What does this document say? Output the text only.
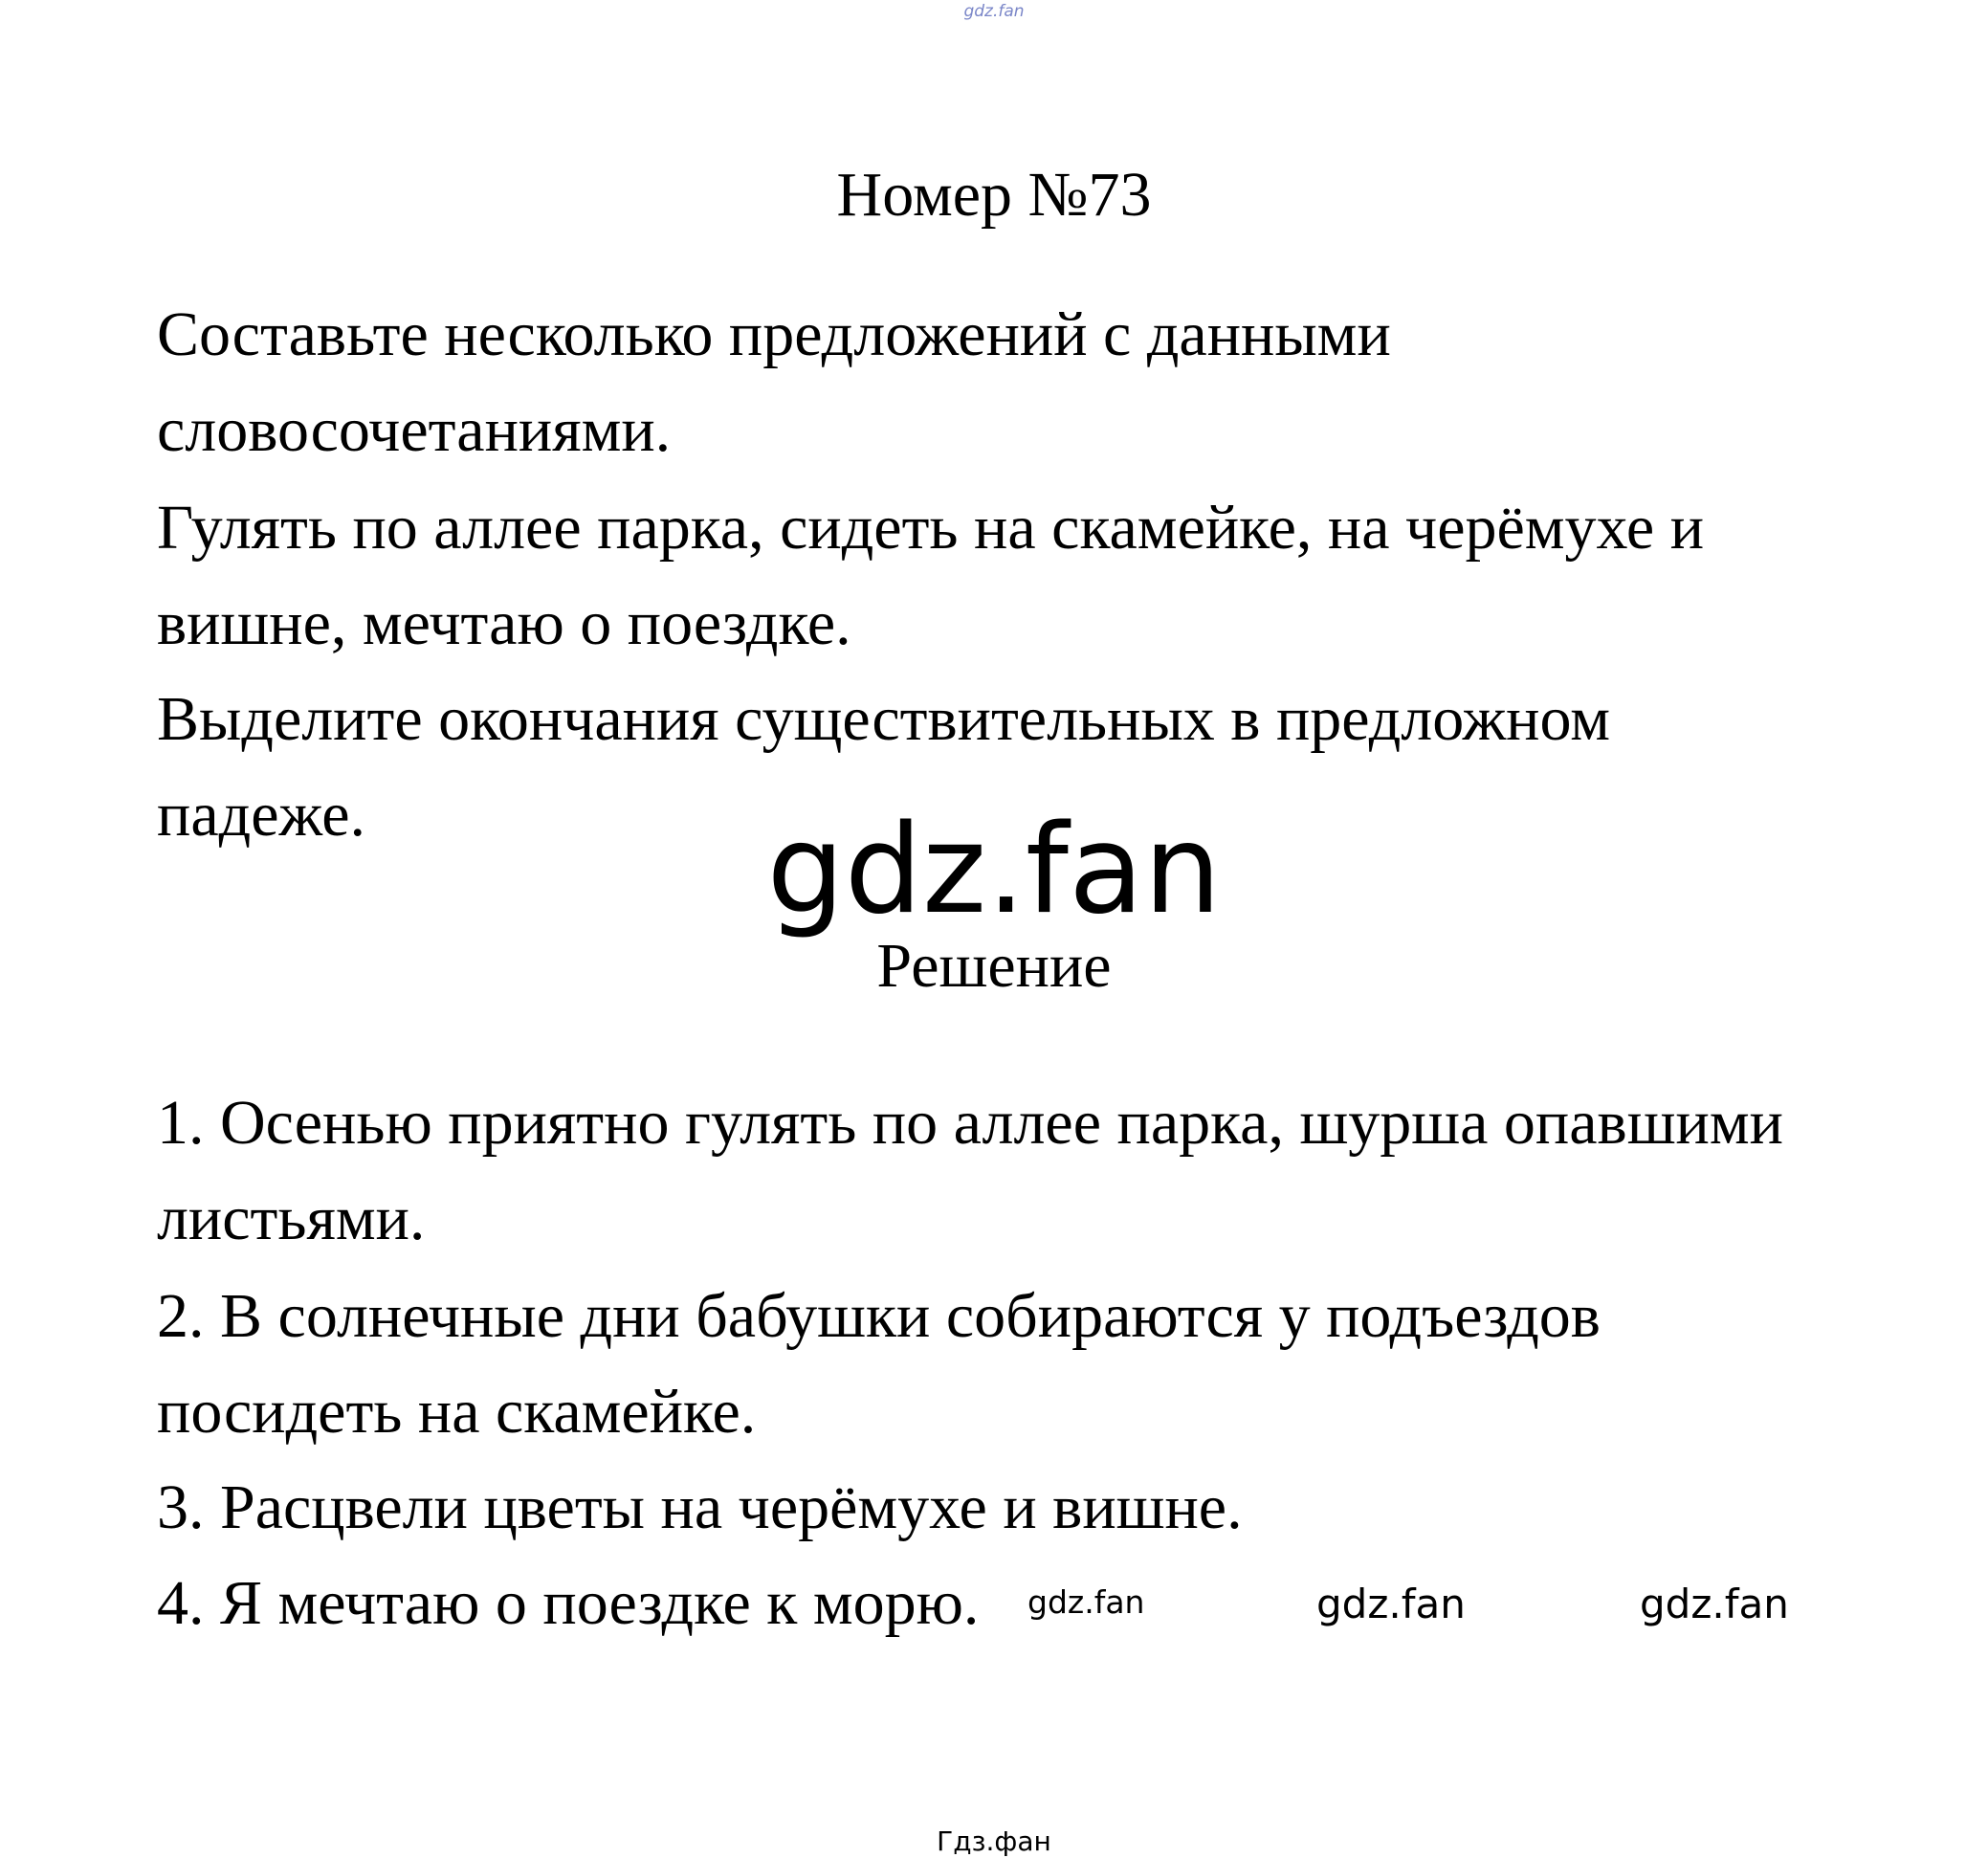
gdz.fan
Номер №73

Составьте несколько предложений с данными

словосочетаниями.

Гулять по аллее парка, сидеть на скамейке, на черёмухе и

вишне, мечтаю о поездке.

Выделите окончания существительных в предложном

падеже.	gdz.fan
Решение

1. Осенью приятно гулять по аллее парка, шурша опавшими

листьями.

2. В солнечные дни бабушки собираются у подъездов

посидеть на скамейке.

3. Расцвели цветы на черёмухе и вишне.

4. Я мечтаю о поездке к морю.	gdz.fan	gdz.fan	gdz.fan
Гдз.фан
